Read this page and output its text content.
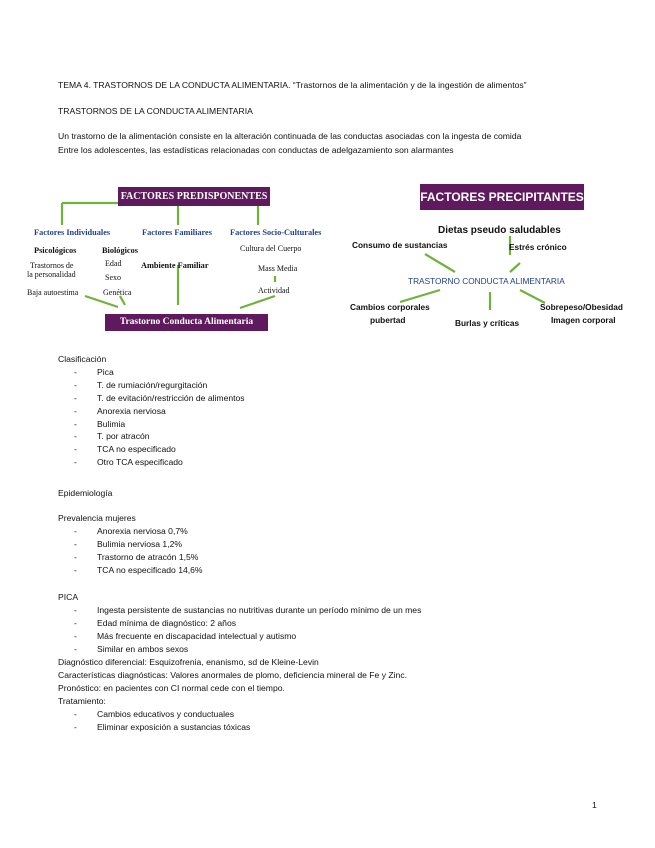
TEMA 4. TRASTORNOS DE LA CONDUCTA ALIMENTARIA. “Trastornos de la alimentación y de la ingestión de alimentos”
TRASTORNOS DE LA CONDUCTA ALIMENTARIA
Un trastorno de la alimentación consiste en la alteración continuada de las conductas asociadas con la ingesta de comida
Entre los adolescentes, las estadísticas relacionadas con conductas de adelgazamiento son alarmantes
FACTORES PREDISPONENTES
Factores Individuales	Factores Familiares Factores Socio-Culturales
Psicológicos	Biológicos
Trastornos de
la personalidad
Baja autoestima
Edad
Sexo
Genética
Ambiente Familiar
Cultura del Cuerpo
Mass Media
Actividad
Trastorno Conducta Alimentaria
FACTORES PRECIPITANTES
Dietas pseudo saludables
Consumo de sustancias	Estrés crónico
TRASTORNO CONDUCTA ALIMENTARIA
Cambios corporales
pubertad	Burlas y críticas
Sobrepeso/Obesidad
Imagen corporal
Clasificación
- Pica
- T. de rumiación/regurgitación
- T. de evitación/restricción de alimentos
- Anorexia nerviosa
- Bulimia
- T. por atracón
- TCA no especificado
- Otro TCA especificado
Epidemiología
Prevalencia mujeres
- Anorexia nerviosa 0,7%
- Bulimia nerviosa 1,2%
- Trastorno de atracón 1,5%
- TCA no especificado 14,6%
PICA
- Ingesta persistente de sustancias no nutritivas durante un período mínimo de un mes
- Edad mínima de diagnóstico: 2 años
- Más frecuente en discapacidad intelectual y autismo
- Similar en ambos sexos
Diagnóstico diferencial: Esquizofrenia, enanismo, sd de Kleine-Levin
Características diagnósticas: Valores anormales de plomo, deficiencia mineral de Fe y Zinc.
Pronóstico: en pacientes con CI normal cede con el tiempo.
Tratamiento:
- Cambios educativos y conductuales
- Eliminar exposición a sustancias tóxicas
1
